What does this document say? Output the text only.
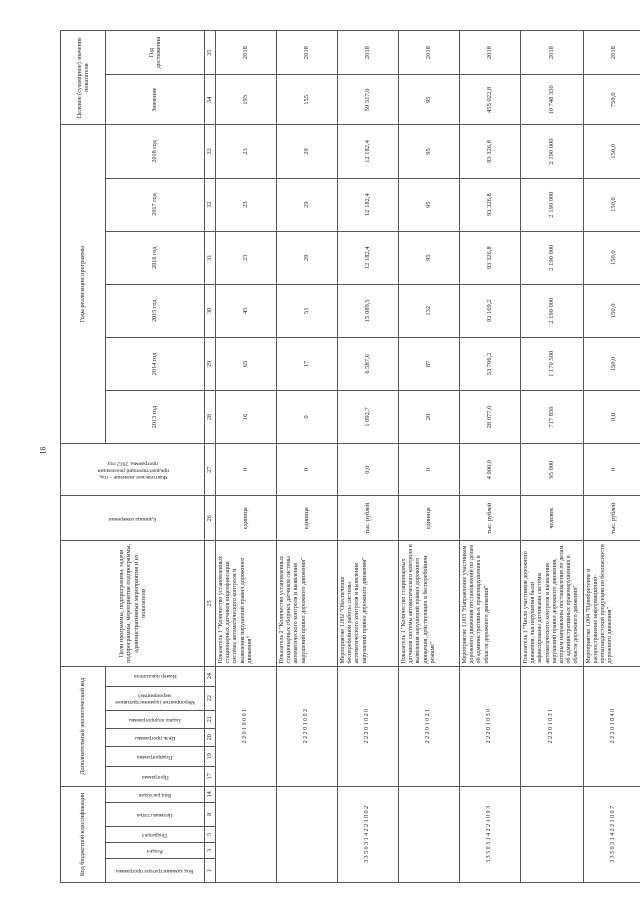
16
Код бюджетной классификации					Дополнительный аналитический код						Цели программы, подпрограммы, задачи подпрограммы, мероприятия подпрограммы, административные мероприятия и их показатели	Единица измерения	Фактическое значение – год, предшествующий реализации программы, 2012 год	Годы реализации программы						Целевое (суммарное) значение показателя	

Код администратора программы	Раздел	Подраздел	Целевая статья	Вид расходов	Программа	Подпрограмма	Цель программы	Задача подпрограммы	Мероприятие (административное мероприятие)	Номер показателя				2013 год	2014 год	2015 год	2016 год	2017 год	2018 год	Значение	Год достижения
1	3	5	8	14	17	19	20	21	22	24	25	26	27	28	29	30	31	32	33	34	35
					2 2 0 1 0 0 0 1						Показатель 1 "Количество установленных стационарных датчиков видеофиксации системы автоматического контроля и выявления нарушений правил дорожного движения"	единица	0	16	65	45	23	23	23	193	2018
					2 2 2 0 1 0 0 2						Показатель 2 "Количество установленных стационарных сборных датчиков системы автоматического контроля и выявления нарушений правил дорожного движения"	единица	0	0	17	51	29	29	29	155	2018
3 3 5 0 3 1 4 2 2 1 0 0 2					2 2 2 0 1 0 2 0						Мероприятие 1.002 "Обеспечение бесперебойной работы системы автоматического контроля и выявления нарушений правил дорожного движения"	тыс. рублей	0,0	1 092,7	6 587,6	15 089,5	12 182,4	12 182,4	12 182,4	59 317,0	2018
					2 2 2 0 1 0 2 1						Показатель 1 "Количество стационарных датчиков системы автоматического контроля и выявления нарушений правил дорожного движения, действующих в бесперебойном режиме"	единица	0	20	87	132	95	95	95	95	2018
3 3 5 0 3 1 4 2 2 1 0 0 3					2 2 2 0 1 0 3 0						Мероприятие 1.003 "Направление участникам дорожного движения постановлений по делам об административных правонарушениях в области дорожного движения"	тыс. рублей	4 900,0	28 077,0	53 706,2	93 169,2	93 326,8	93 326,8	93 326,8	455 022,8	2018
					2 2 2 0 1 0 3 1						Показатель 1 "Число участников дорожного движения, чьи нарушения были зафиксированы датчиками системы автоматического контроля и выявления нарушений правил дорожного движения, которым направлены постановления по делам об административных правонарушениях в области дорожного движения"	человек	95 000	717 850	1 170 500	2 190 000	2 190 000	2 190 000	2 190 000	10 748 350	2018
3 3 5 0 3 1 4 2 2 1 0 0 7					2 2 2 0 1 0 4 0						Мероприятие 1.004 "Приобретение и распространение информационно-пропагандистской продукции по безопасности дорожного движения"	тыс. рублей	0	0,0	150,0	150,0	150,0	150,0	150,0	750,0	2018
